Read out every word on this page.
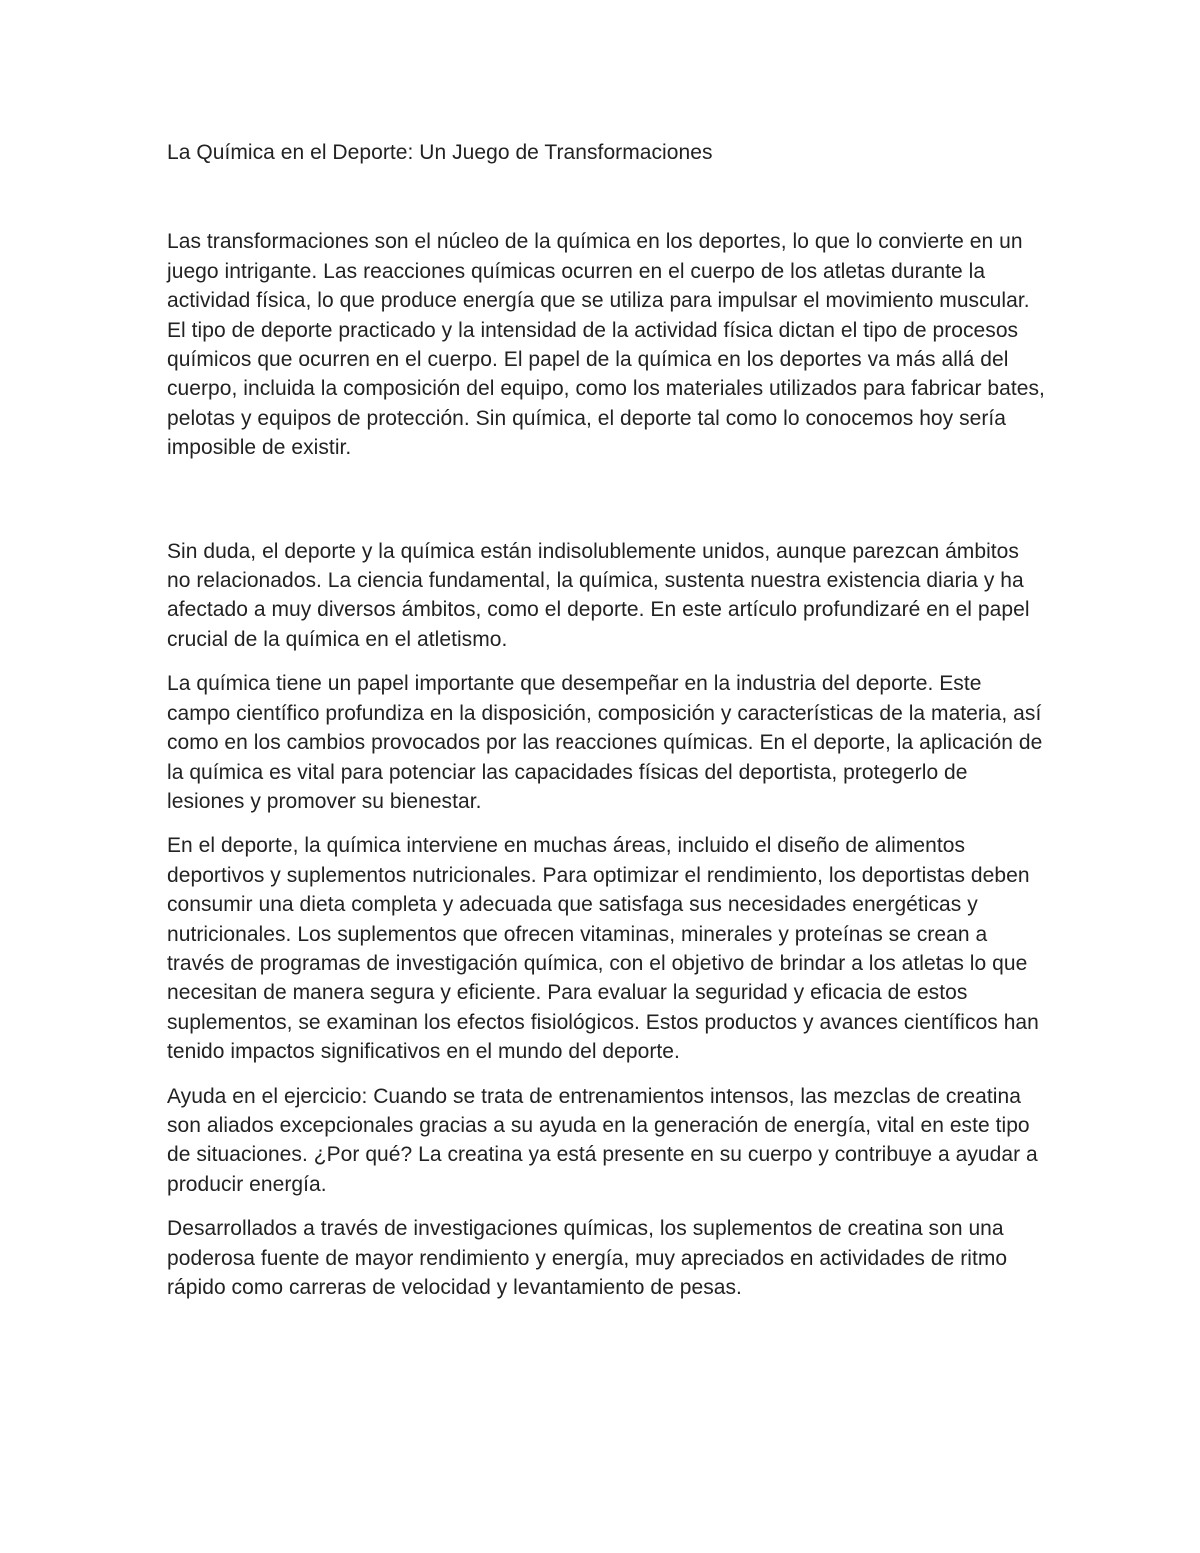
La Química en el Deporte: Un Juego de Transformaciones

Las transformaciones son el núcleo de la química en los deportes, lo que lo convierte en un juego intrigante. Las reacciones químicas ocurren en el cuerpo de los atletas durante la actividad física, lo que produce energía que se utiliza para impulsar el movimiento muscular. El tipo de deporte practicado y la intensidad de la actividad física dictan el tipo de procesos químicos que ocurren en el cuerpo. El papel de la química en los deportes va más allá del cuerpo, incluida la composición del equipo, como los materiales utilizados para fabricar bates, pelotas y equipos de protección. Sin química, el deporte tal como lo conocemos hoy sería imposible de existir.

Sin duda, el deporte y la química están indisolublemente unidos, aunque parezcan ámbitos no relacionados. La ciencia fundamental, la química, sustenta nuestra existencia diaria y ha afectado a muy diversos ámbitos, como el deporte. En este artículo profundizaré en el papel crucial de la química en el atletismo.

La química tiene un papel importante que desempeñar en la industria del deporte. Este campo científico profundiza en la disposición, composición y características de la materia, así como en los cambios provocados por las reacciones químicas. En el deporte, la aplicación de la química es vital para potenciar las capacidades físicas del deportista, protegerlo de lesiones y promover su bienestar.

En el deporte, la química interviene en muchas áreas, incluido el diseño de alimentos deportivos y suplementos nutricionales. Para optimizar el rendimiento, los deportistas deben consumir una dieta completa y adecuada que satisfaga sus necesidades energéticas y nutricionales. Los suplementos que ofrecen vitaminas, minerales y proteínas se crean a través de programas de investigación química, con el objetivo de brindar a los atletas lo que necesitan de manera segura y eficiente. Para evaluar la seguridad y eficacia de estos suplementos, se examinan los efectos fisiológicos. Estos productos y avances científicos han tenido impactos significativos en el mundo del deporte.

Ayuda en el ejercicio: Cuando se trata de entrenamientos intensos, las mezclas de creatina son aliados excepcionales gracias a su ayuda en la generación de energía, vital en este tipo de situaciones. ¿Por qué? La creatina ya está presente en su cuerpo y contribuye a ayudar a producir energía.

Desarrollados a través de investigaciones químicas, los suplementos de creatina son una poderosa fuente de mayor rendimiento y energía, muy apreciados en actividades de ritmo rápido como carreras de velocidad y levantamiento de pesas.
